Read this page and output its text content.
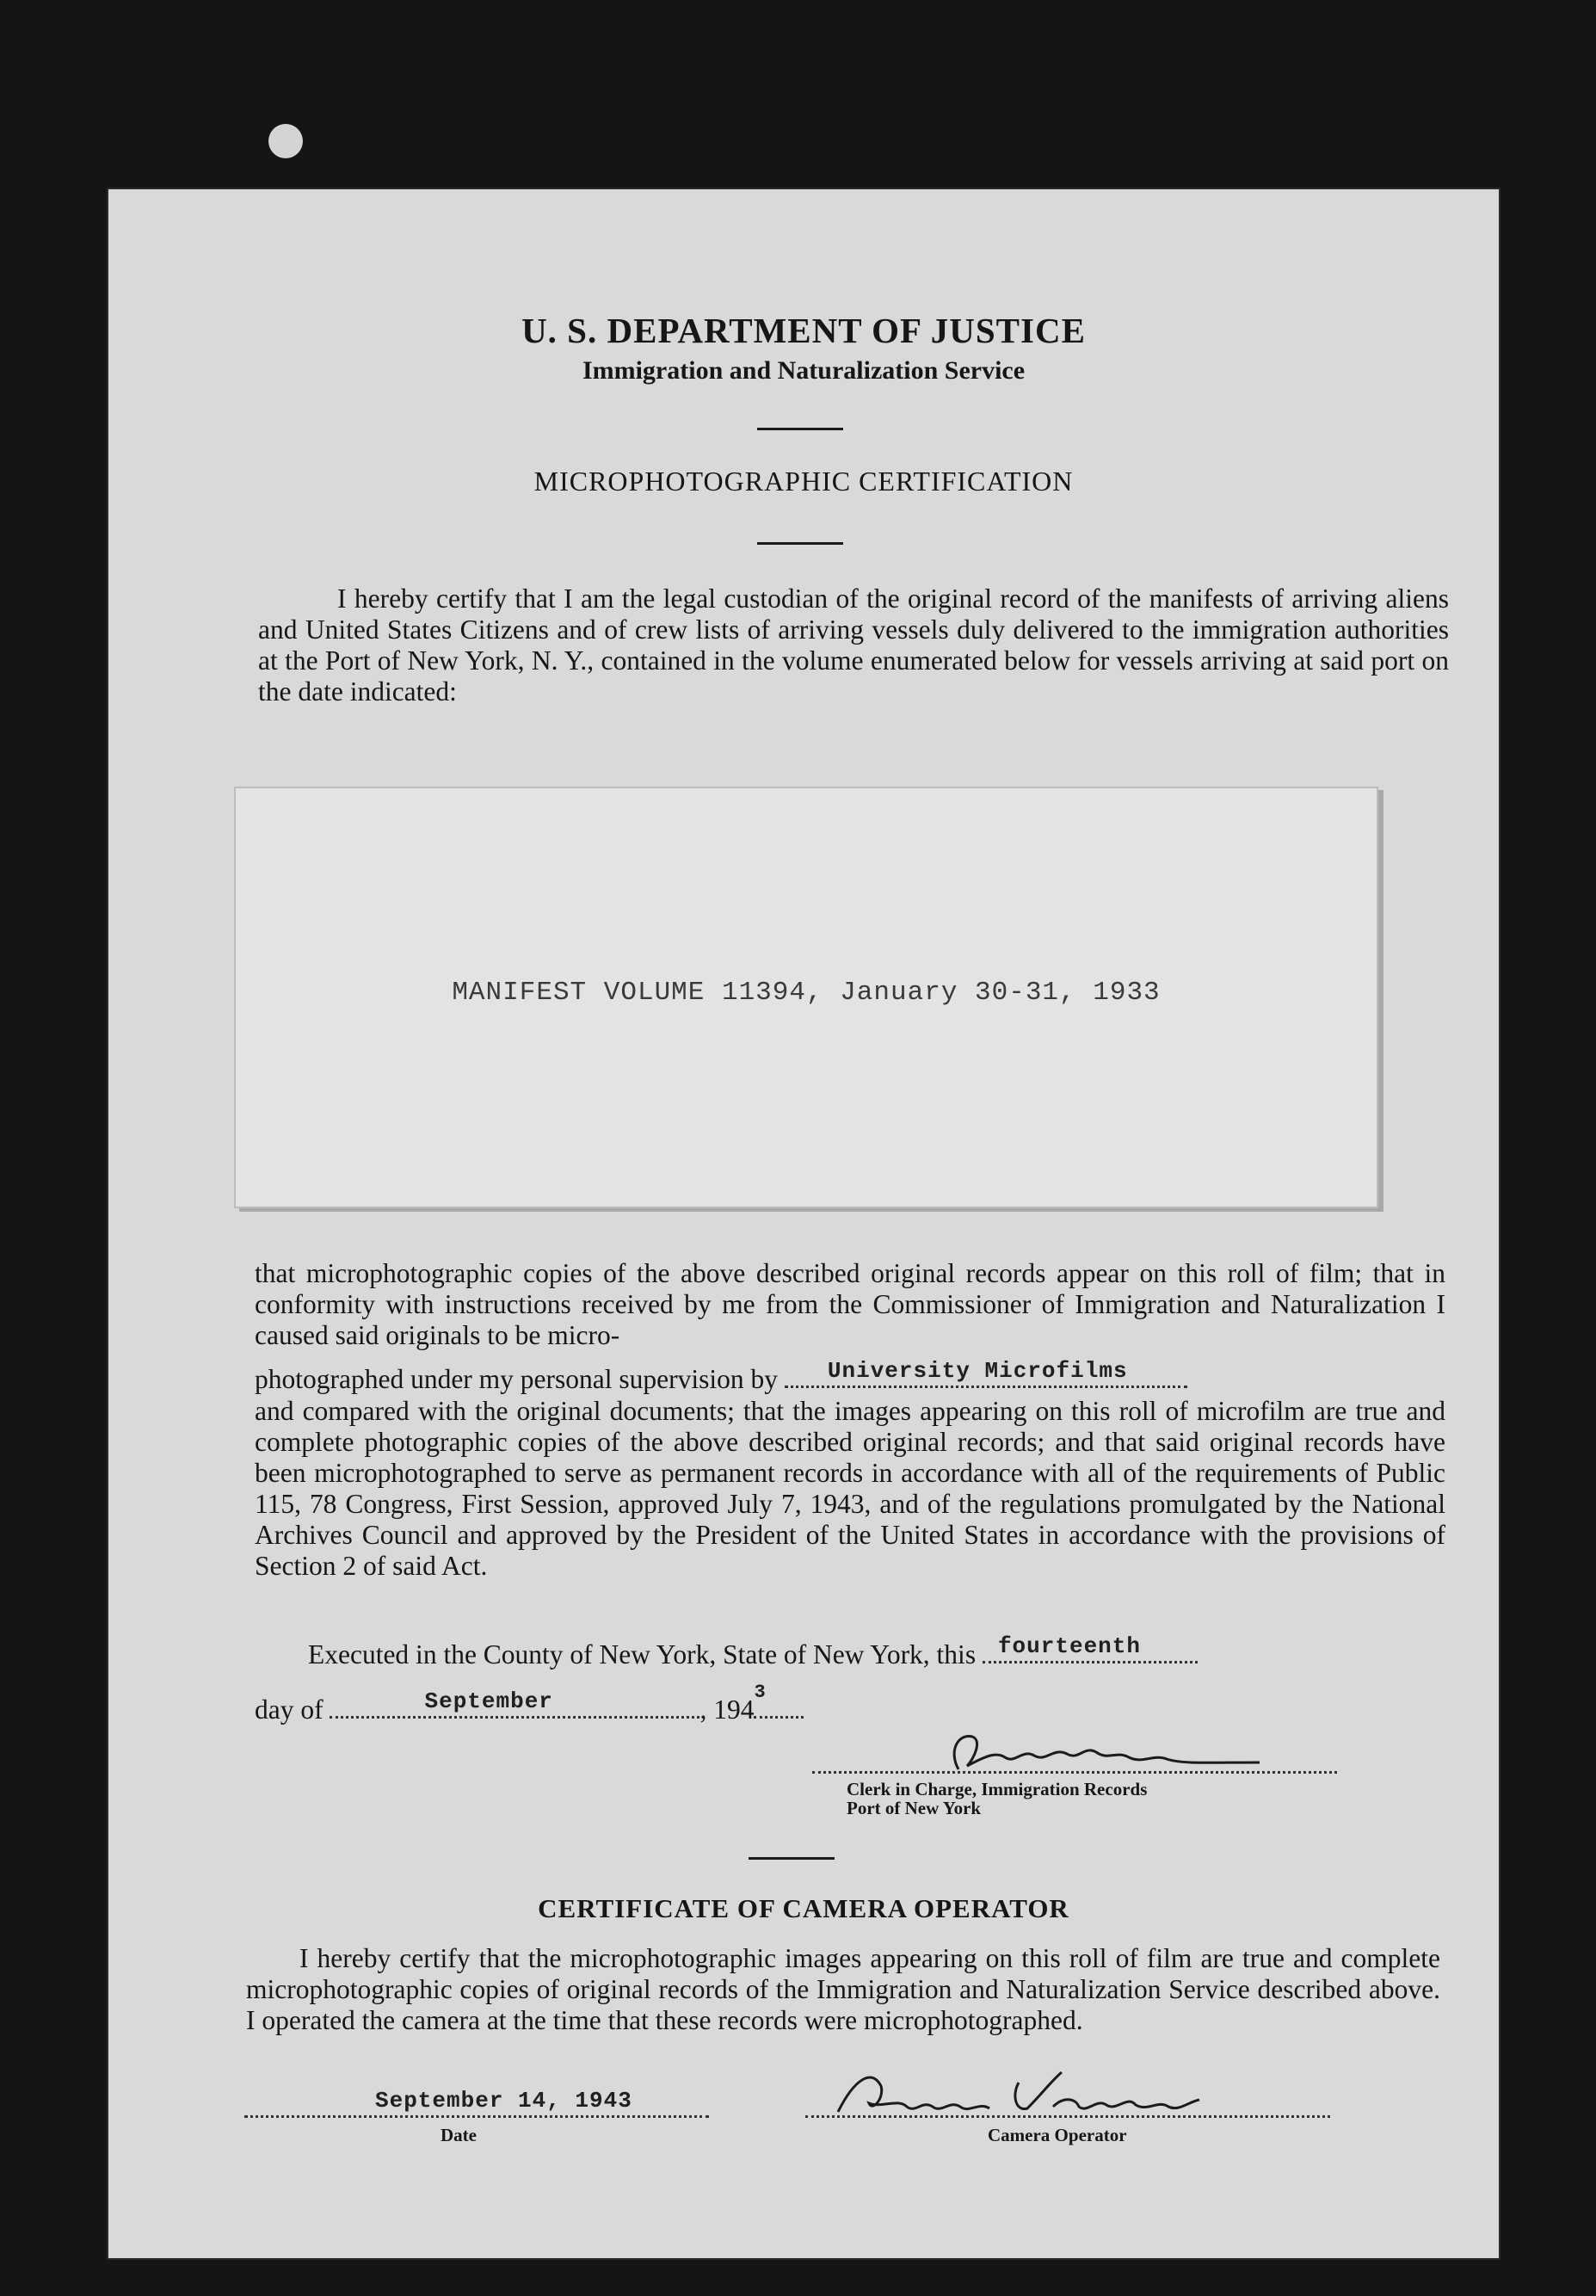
U. S. DEPARTMENT OF JUSTICE
Immigration and Naturalization Service
MICROPHOTOGRAPHIC CERTIFICATION

I hereby certify that I am the legal custodian of the original record of the manifests of arriving aliens and United States Citizens and of crew lists of arriving vessels duly delivered to the immigration authorities at the Port of New York, N. Y., contained in the volume enumerated below for vessels arriving at said port on the date indicated:

MANIFEST VOLUME 11394, January 30-31, 1933

that microphotographic copies of the above described original records appear on this roll of film; that in conformity with instructions received by me from the Commissioner of Immigration and Naturalization I caused said originals to be micro-

photographed under my personal supervision by University Microfilms

and compared with the original documents; that the images appearing on this roll of microfilm are true and complete photographic copies of the above described original records; and that said original records have been microphotographed to serve as permanent records in accordance with all of the requirements of Public 115, 78 Congress, First Session, approved July 7, 1943, and of the regulations promulgated by the National Archives Council and approved by the President of the United States in accordance with the provisions of Section 2 of said Act.

Executed in the County of New York, State of New York, this fourteenth
day of	September	, 194
3
Clerk in Charge, Immigration Records
Port of New York
CERTIFICATE OF CAMERA OPERATOR

I hereby certify that the microphotographic images appearing on this roll of film are true and complete microphotographic copies of original records of the Immigration and Naturalization Service described above. I operated the camera at the time that these records were microphotographed.

September 14, 1943
Date	Camera Operator
